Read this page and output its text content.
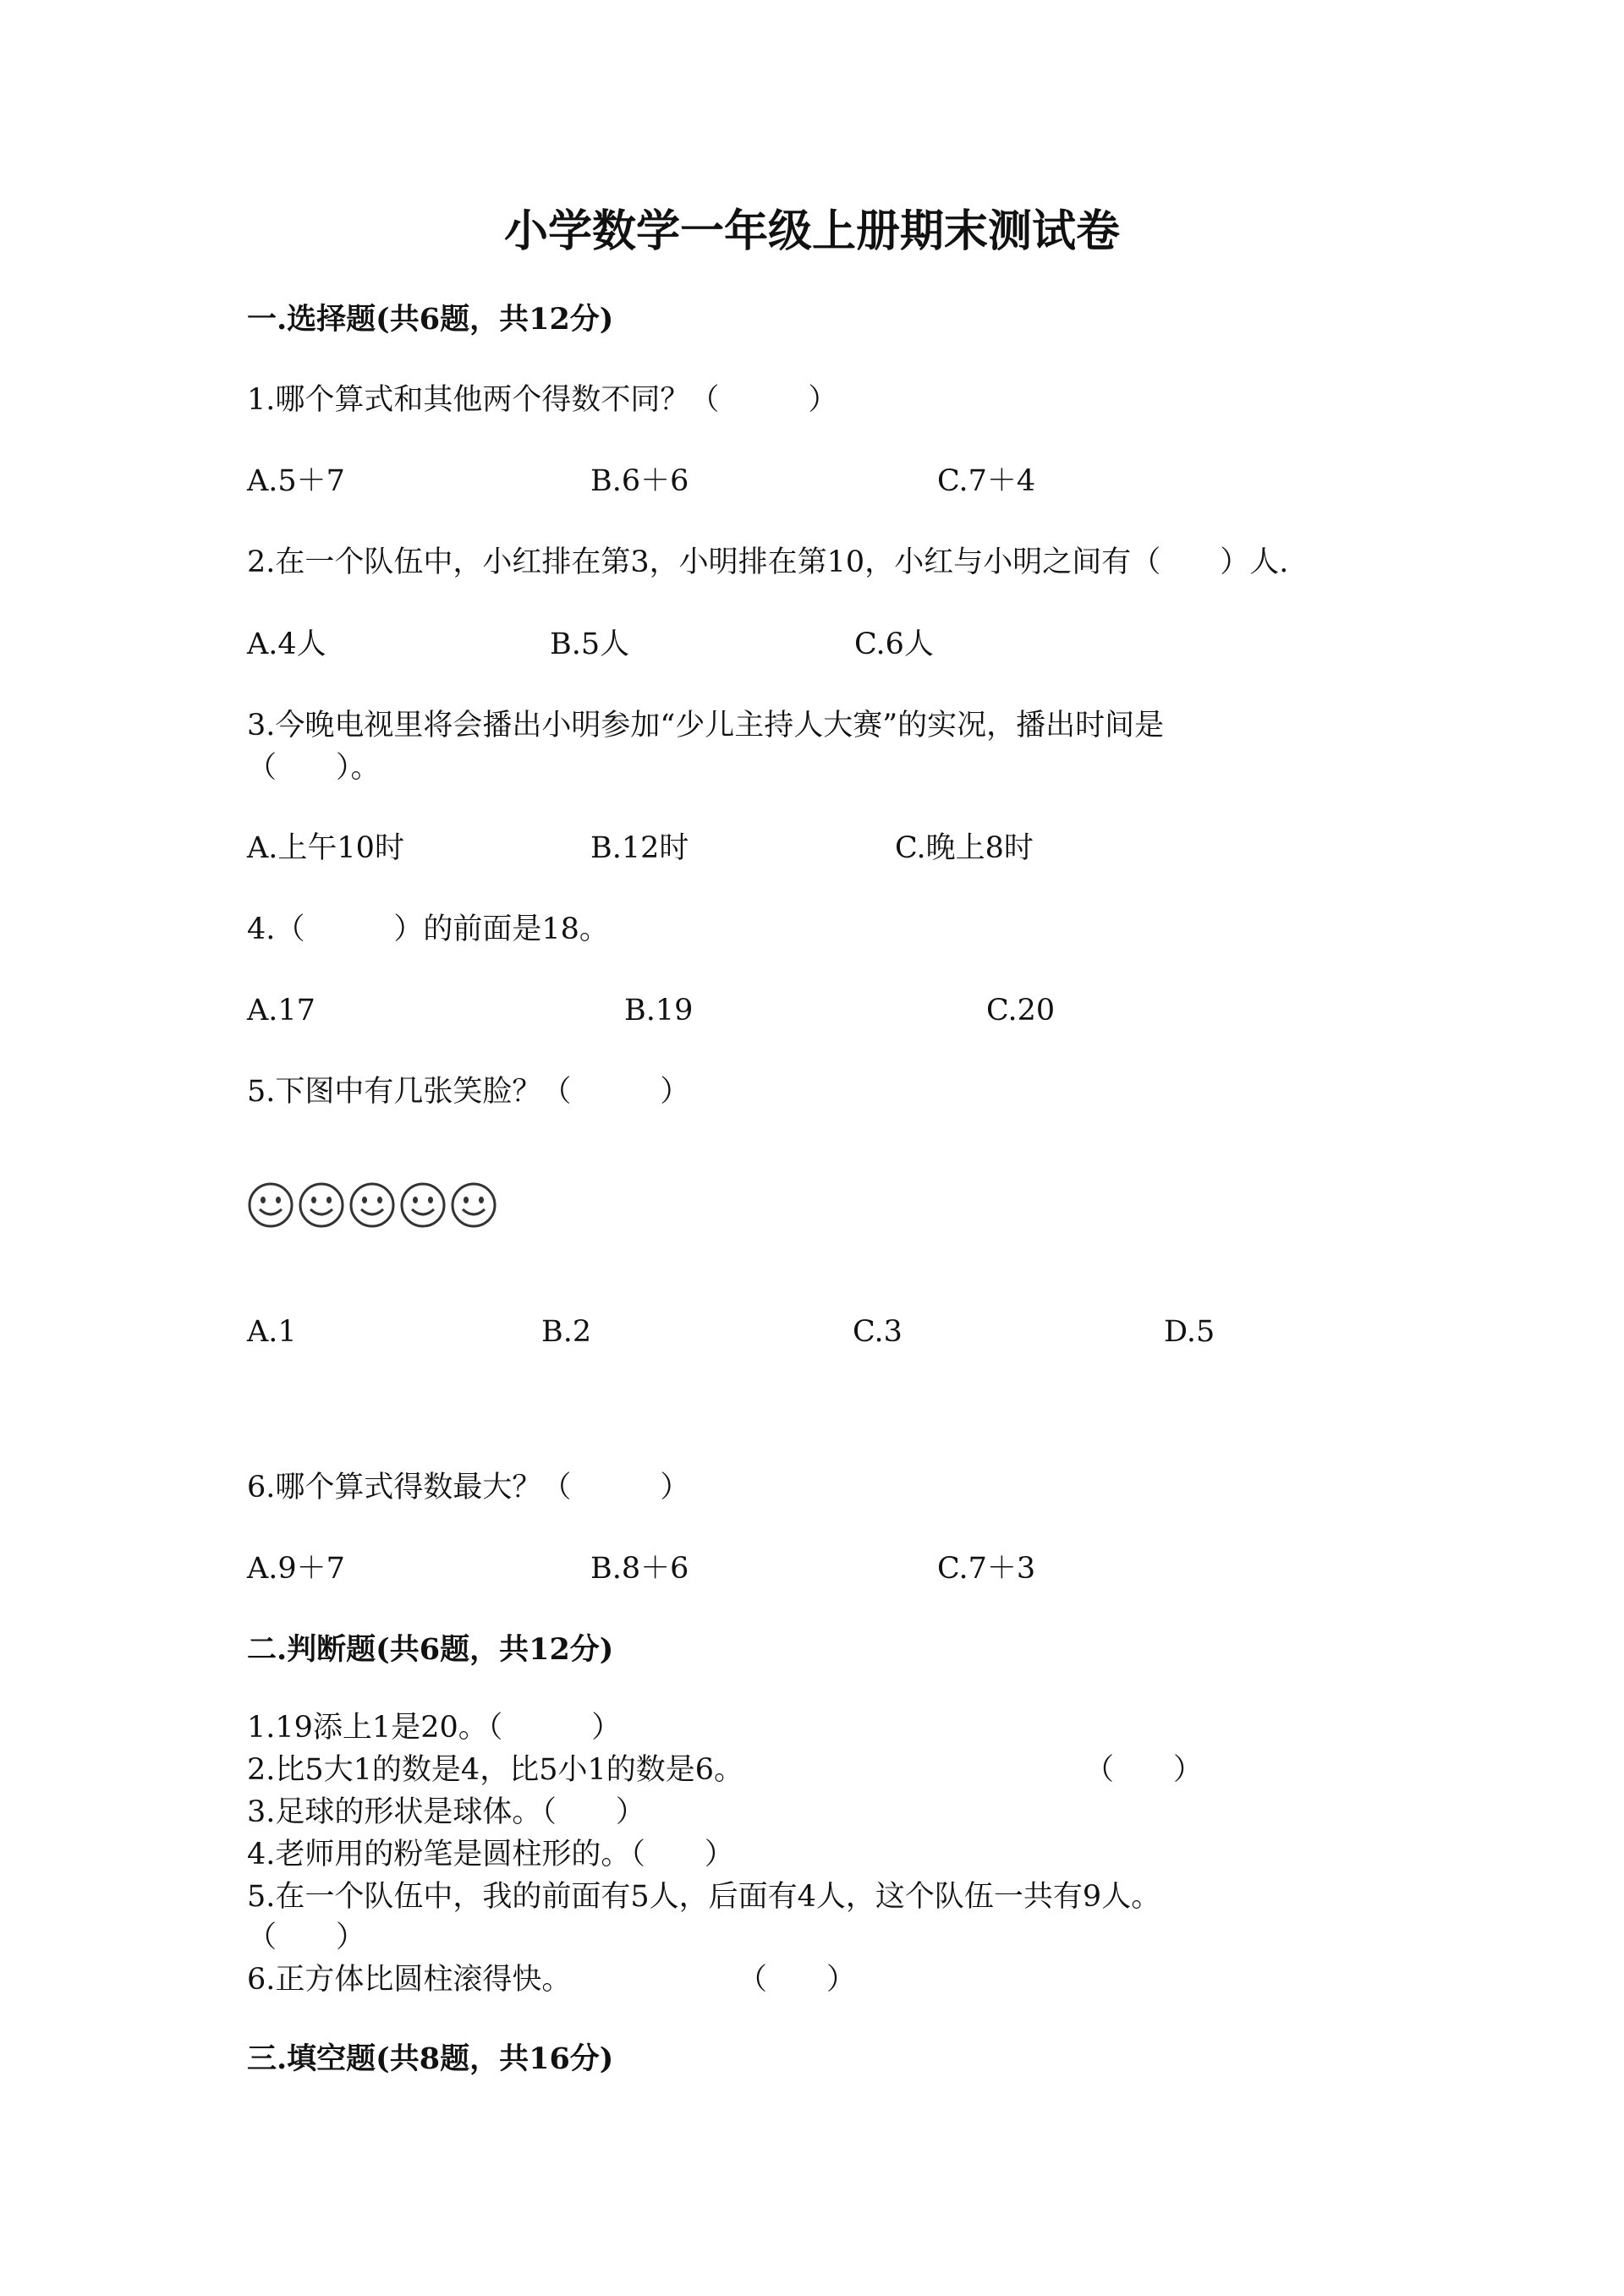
小学数学一年级上册期末测试卷
一.选择题(共6题，共12分)
1.哪个算式和其他两个得数不同？（　　　）
A.5＋7	B.6＋6	C.7＋4
2.在一个队伍中，小红排在第3，小明排在第10，小红与小明之间有（　　）人.
A.4人	B.5人	C.6人
3.今晚电视里将会播出小明参加“少儿主持人大赛”的实况，播出时间是
（　　）。
A.上午10时	B.12时	C.晚上8时
4.（　　　）的前面是18。
A.17	B.19	C.20
5.下图中有几张笑脸？（　　　）
A.1	B.2	C.3	D.5
6.哪个算式得数最大？（　　　）
A.9＋7	B.8＋6	C.7＋3
二.判断题(共6题，共12分)
1.19添上1是20。（　　　）
2.比5大1的数是4，比5小1的数是6。	（　　）
3.足球的形状是球体。（　　）
4.老师用的粉笔是圆柱形的。（　　）
5.在一个队伍中，我的前面有5人，后面有4人，这个队伍一共有9人。
（　　）
6.正方体比圆柱滚得快。	（　　）
三.填空题(共8题，共16分)
